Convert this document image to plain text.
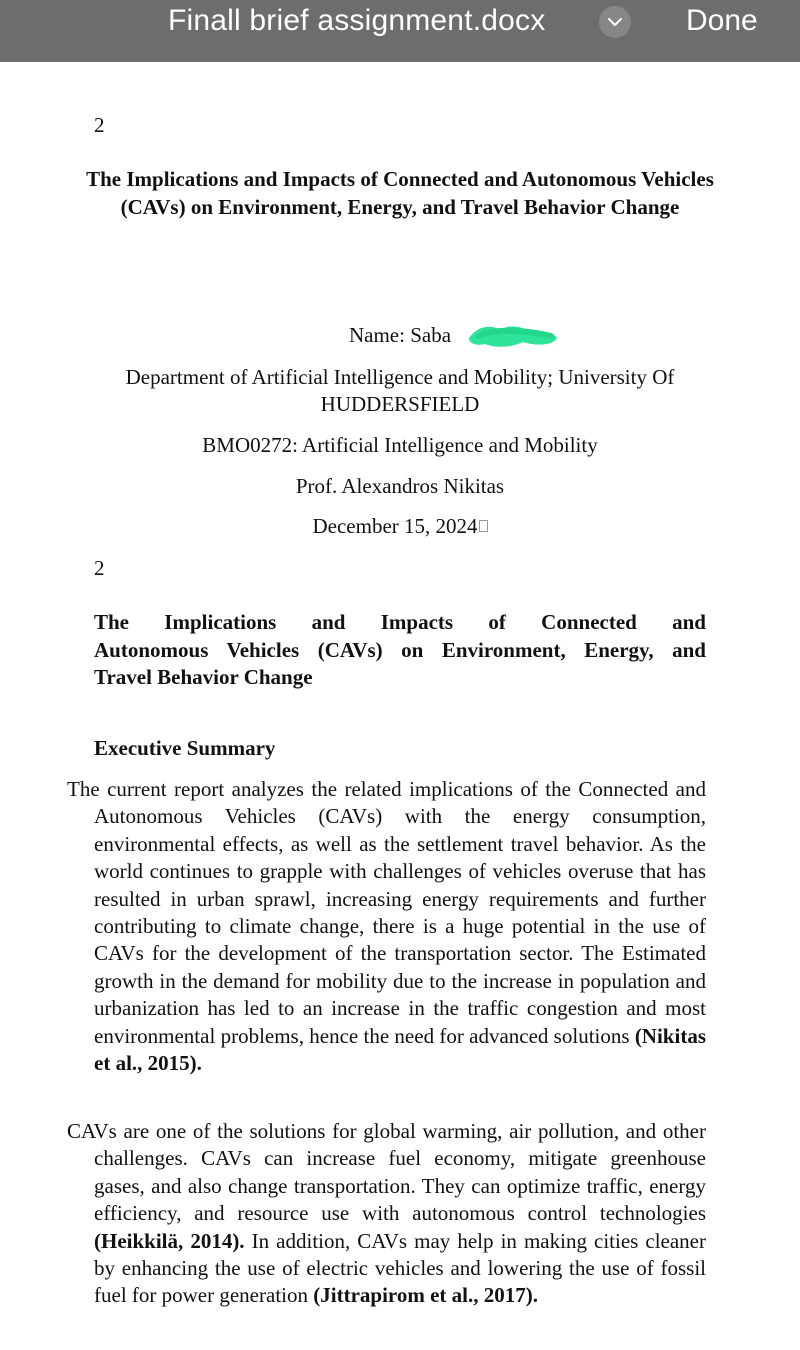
Finall brief assignment.docx	Done
2
The Implications and Impacts of Connected and Autonomous Vehicles (CAVs) on Environment, Energy, and Travel Behavior Change
Name: Saba
Department of Artificial Intelligence and Mobility; University Of
HUDDERSFIELD
BMO0272: Artificial Intelligence and Mobility
Prof. Alexandros Nikitas
December 15, 2024
2
The Implications and Impacts of Connected and
Autonomous Vehicles (CAVs) on Environment, Energy, and
Travel Behavior Change
Executive Summary
The current report analyzes the related implications of the Connected and Autonomous Vehicles (CAVs) with the energy consumption, environmental effects, as well as the settlement travel behavior. As the world continues to grapple with challenges of vehicles overuse that has resulted in urban sprawl, increasing energy requirements and further contributing to climate change, there is a huge potential in the use of CAVs for the development of the transportation sector. The Estimated growth in the demand for mobility due to the increase in population and urbanization has led to an increase in the traffic congestion and most environmental problems, hence the need for advanced solutions (Nikitas et al., 2015).
CAVs are one of the solutions for global warming, air pollution, and other challenges. CAVs can increase fuel economy, mitigate greenhouse gases, and also change transportation. They can optimize traffic, energy efficiency, and resource use with autonomous control technologies (Heikkilä, 2014). In addition, CAVs may help in making cities cleaner by enhancing the use of electric vehicles and lowering the use of fossil fuel for power generation (Jittrapirom et al., 2017).
